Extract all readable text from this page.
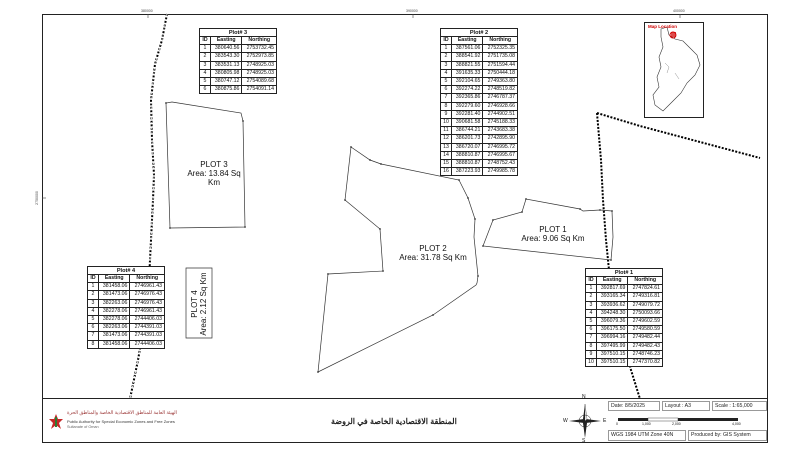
380000	390000	400000
2750000
PLOT 3
Area: 13.84 Sq Km
PLOT 2
Area: 31.78 Sq Km
PLOT 1
Area: 9.06 Sq Km
PLOT 4 Area: 2.12 Sq Km
Plot# 3
ID	Easting	Northing
1	380640.56	2753732.45
2	383543.30	2752973.85
3	383531.13	2748925.03
4	380805.98	2748925.03
5	380747.12	2754089.68
6	380875.86	2754091.14
Plot# 2
ID	Easting	Northing
1	387561.06	2752325.35
2	388541.92	2751735.08
3	388821.55	2751594.44
4	391635.33	2750444.18
5	392104.65	2749363.80
6	392274.22	2748519.82
7	392365.86	2746787.37
8	392279.60	2746928.66
9	392281.40	2744902.51
10	390681.58	2745188.33
11	386744.21	2743683.38
12	386201.73	2742895.90
13	386720.07	2746995.72
14	388810.87	2746995.67
15	388810.87	2748752.43
16	387223.93	2749985.78
Plot# 4
ID	Easting	Northing
1	381458.06	2746961.43
2	381473.06	2746976.43
3	382263.06	2746976.43
4	382278.06	2746961.43
5	382278.06	2744406.03
6	382263.06	2744391.03
7	381473.06	2744391.03
8	381458.06	2744406.03
Plot# 1
ID	Easting	Northing
1	392817.69	2747824.61
2	393165.34	2749316.81
3	393936.62	2749079.72
4	394248.30	2750093.66
5	396079.36	2749602.59
6	396175.50	2749580.59
7	396994.16	2749482.44
8	397495.99	2749482.43
9	397510.15	2748746.23
10	397510.15	2747370.82
Map Location
الهيئة العامة للمناطق الاقتصادية الخاصة والمناطق الحرة
Public Authority for Special Economic Zones and Free Zones
Sultanate of Oman
المنطقة الاقتصادية الخاصة في الروضة
N
S
W	E
Date: 8/5/2025	Layout : A3	Scale : 1:65,000
0	1,000	2,000	4,000
WGS 1984 UTM Zone 40N	Produced by: GIS System
